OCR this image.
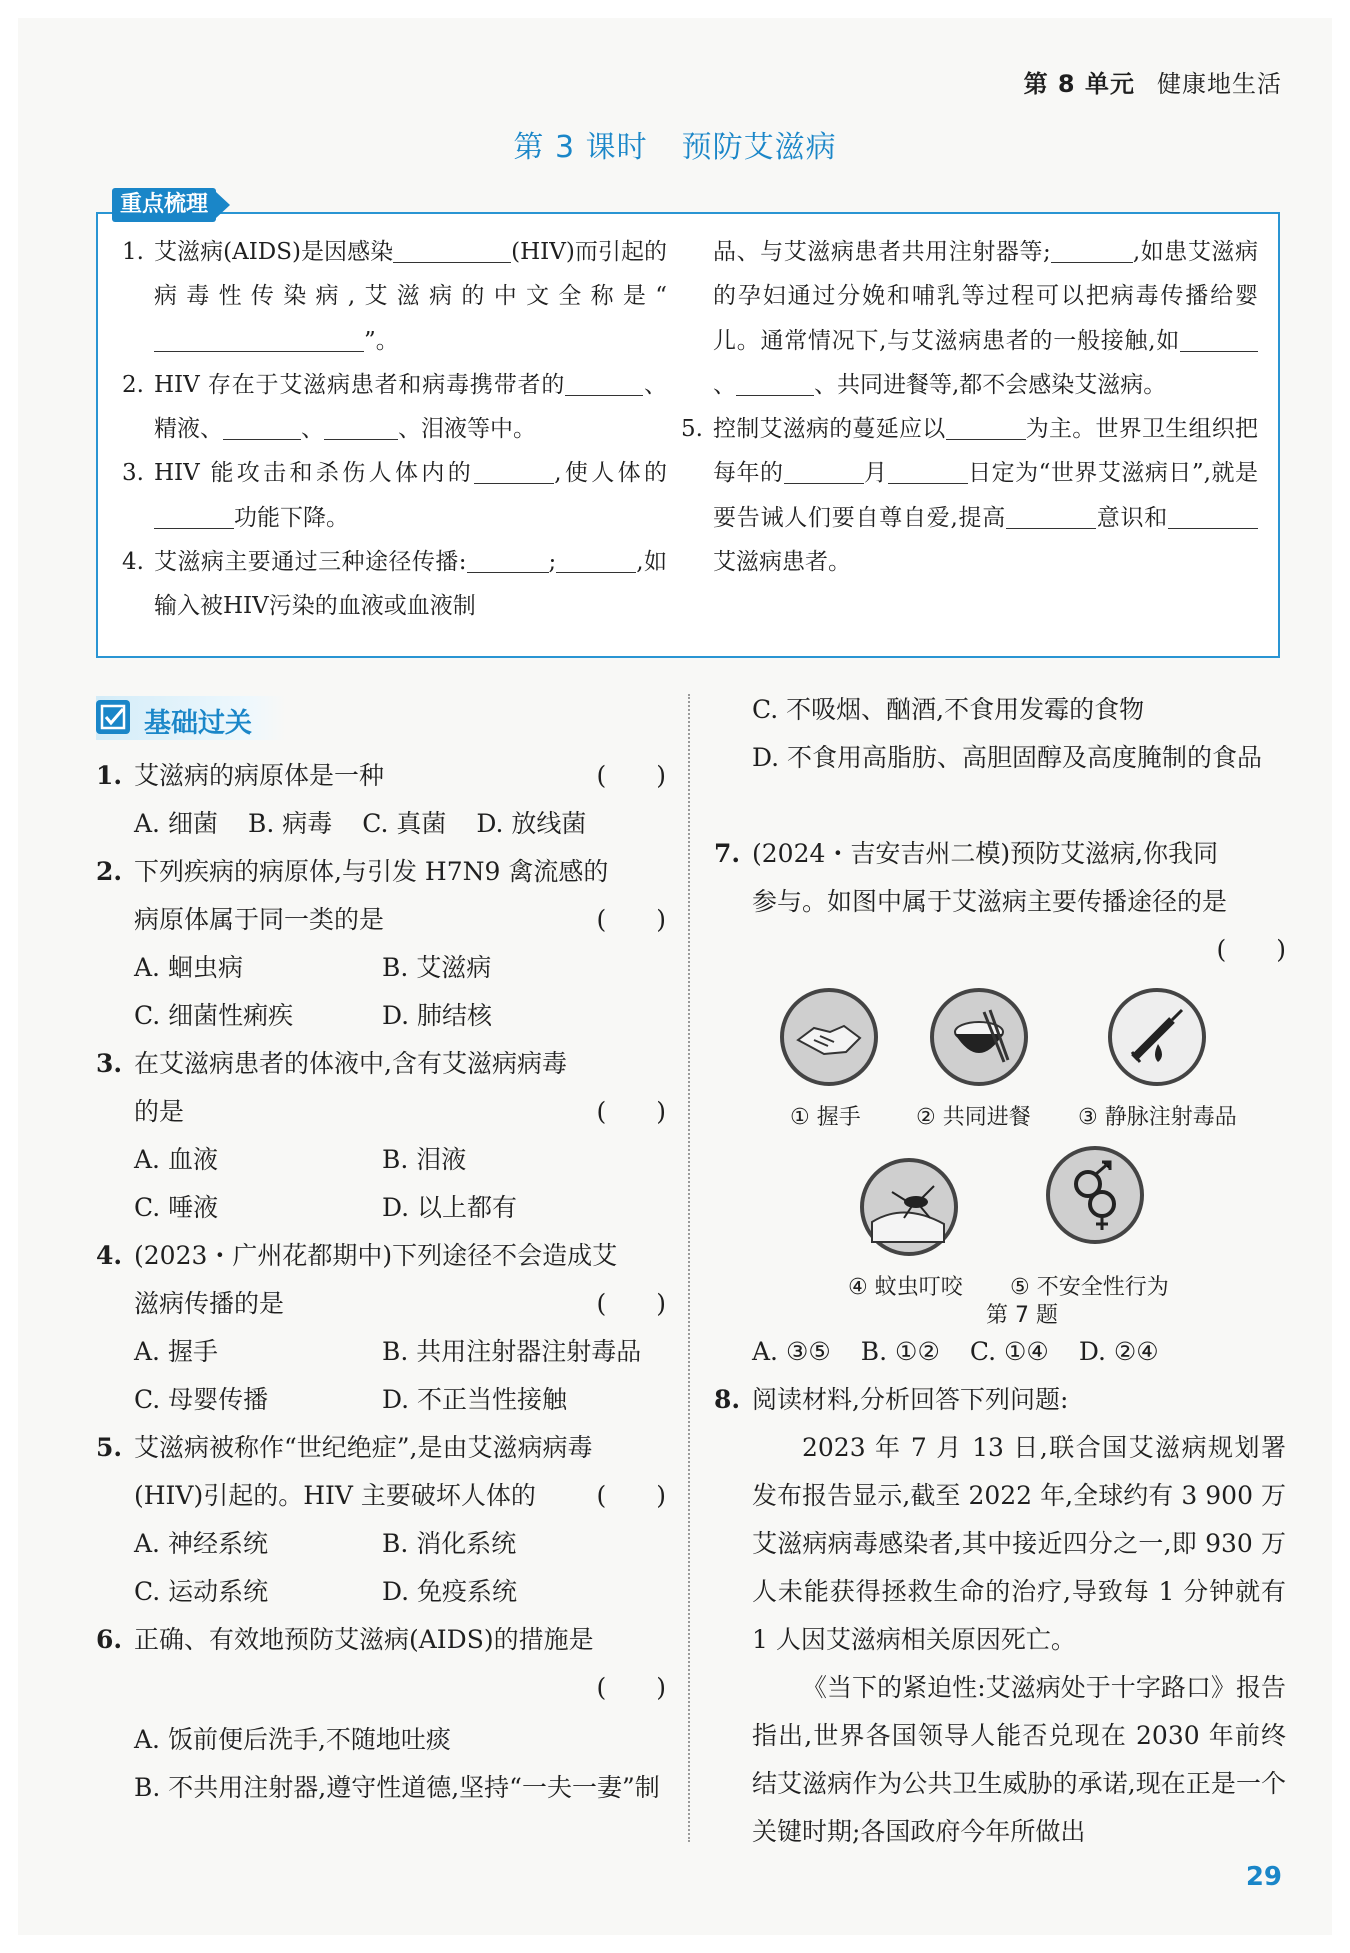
第 8 单元 健康地生活
第 3 课时 预防艾滋病
重点梳理
1. 艾滋病(AIDS)是因感染	(HIV)而引起的病毒性传染病,艾滋病的中文全称是“”。
2. HIV 存在于艾滋病患者和病毒携带者的	、精液、	、	、泪液等中。
3. HIV 能攻击和杀伤人体内的	,使人体的功能下降。
4. 艾滋病主要通过三种途径传播:	;	,如输入被HIV污染的血液或血液制
品、与艾滋病患者共用注射器等;	,如患艾滋病的孕妇通过分娩和哺乳等过程可以把病毒传播给婴儿。通常情况下,与艾滋病患者的一般接触,如、	、共同进餐等,都不会感染艾滋病。
5. 控制艾滋病的蔓延应以	为主。世界卫生组织把每年的	月	日定为“世界艾滋病日”,就是要告诫人们要自尊自爱,提高	意识和艾滋病患者。
基础过关
1. 艾滋病的病原体是一种	(　　)
A. 细菌 B. 病毒 C. 真菌 D. 放线菌
2. 下列疾病的病原体,与引发 H7N9 禽流感的
病原体属于同一类的是	(　　)
A. 蛔虫病	B. 艾滋病
C. 细菌性痢疾	D. 肺结核
3. 在艾滋病患者的体液中,含有艾滋病病毒
的是	(　　)
A. 血液	B. 泪液
C. 唾液	D. 以上都有
4. (2023・广州花都期中)下列途径不会造成艾
滋病传播的是	(　　)
A. 握手	B. 共用注射器注射毒品
C. 母婴传播	D. 不正当性接触
5. 艾滋病被称作“世纪绝症”,是由艾滋病病毒
(HIV)引起的。HIV 主要破坏人体的 (　　)
A. 神经系统	B. 消化系统
C. 运动系统	D. 免疫系统
6. 正确、有效地预防艾滋病(AIDS)的措施是
(　　)
A. 饭前便后洗手,不随地吐痰
B. 不共用注射器,遵守性道德,坚持“一夫一妻”制
C. 不吸烟、酗酒,不食用发霉的食物
D. 不食用高脂肪、高胆固醇及高度腌制的食品
7. (2024・吉安吉州二模)预防艾滋病,你我同
参与。如图中属于艾滋病主要传播途径的是
(　　)
① 握手	② 共同进餐 ③ 静脉注射毒品
④ 蚊虫叮咬 ⑤ 不安全性行为
第 7 题
A. ③⑤ B. ①② C. ①④ D. ②④
8. 阅读材料,分析回答下列问题:
2023 年 7 月 13 日,联合国艾滋病规划署发布报告显示,截至 2022 年,全球约有 3 900 万艾滋病病毒感染者,其中接近四分之一,即 930 万人未能获得拯救生命的治疗,导致每 1 分钟就有 1 人因艾滋病相关原因死亡。
《当下的紧迫性:艾滋病处于十字路口》报告指出,世界各国领导人能否兑现在 2030 年前终结艾滋病作为公共卫生威胁的承诺,现在正是一个关键时期;各国政府今年所做出
29
